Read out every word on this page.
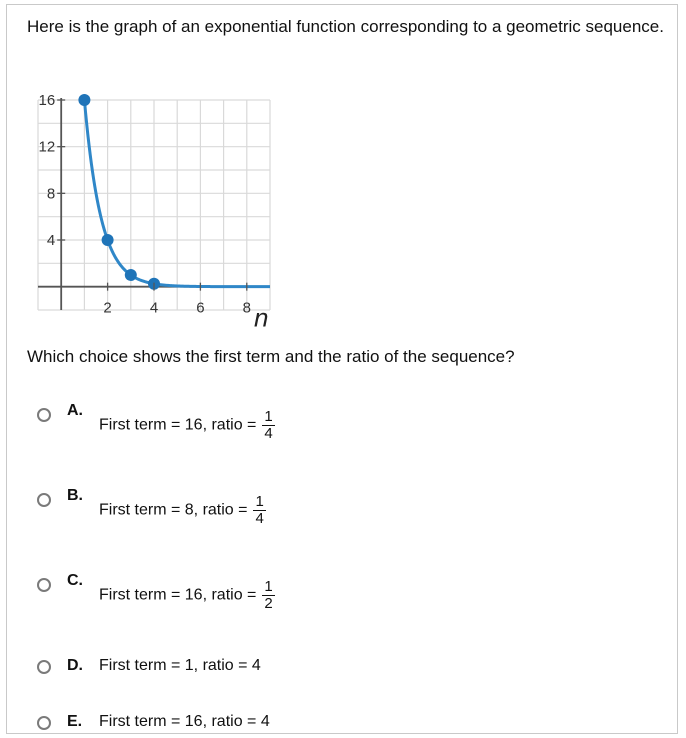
Here is the graph of an exponential function corresponding to a geometric sequence.
16
12
8
4
2	4	6	8 n
Which choice shows the first term and the ratio of the sequence?
A.
First term = 16, ratio = $\frac{1}{4}$
B.
First term = 8, ratio = $\frac{1}{4}$
C.
First term = 16, ratio = $\frac{1}{2}$
D. First term = 1, ratio = 4
E. First term = 16, ratio = 4
